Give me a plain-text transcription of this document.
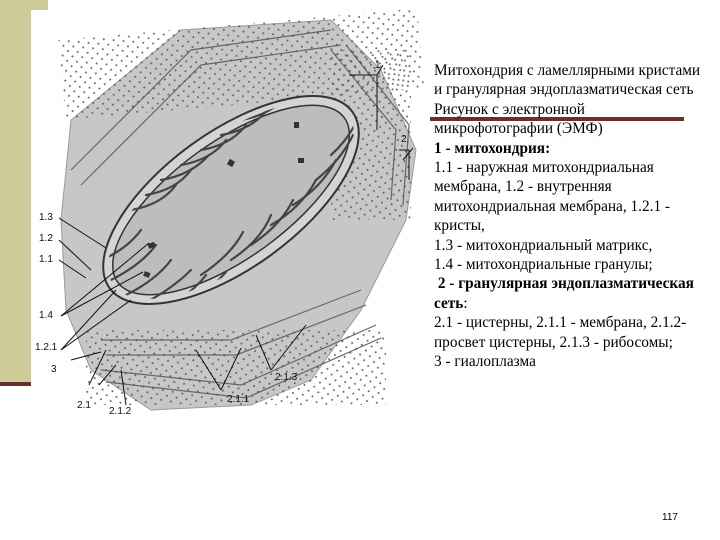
1
2
1.3
1.2
1.1
1.4
1.2.1
3
2.1
2.1.2
2.1.1
2.1.3
Митохондрия с ламеллярными кристами и гранулярная эндоплазматическая сеть
Рисунок с электронной микрофотографии (ЭМФ)
1 - митохондрия:
1.1 - наружная митохондриальная мембрана, 1.2 - внутренняя митохондриальная мембрана, 1.2.1 - кристы,
1.3 - митохондриальный матрикс,
1.4 - митохондриальные гранулы;
2 - гранулярная эндоплазматическая сеть:
2.1 - цистерны, 2.1.1 - мембрана, 2.1.2- просвет цистерны, 2.1.3 - рибосомы;
3 - гиалоплазма
117
